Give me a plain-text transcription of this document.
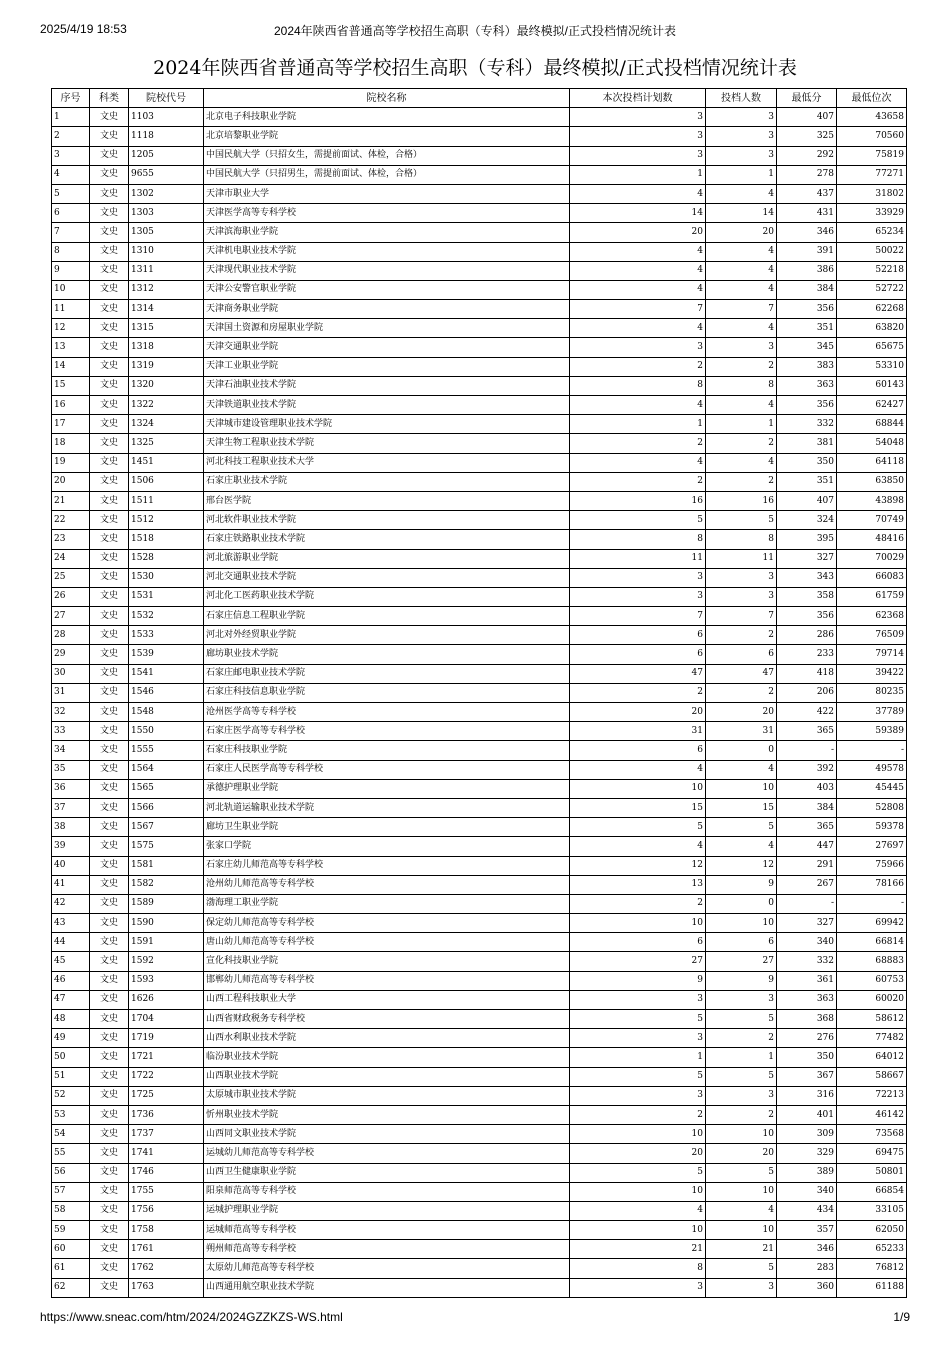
2025/4/19 18:53	2024年陕西省普通高等学校招生高职（专科）最终模拟/正式投档情况统计表
2024年陕西省普通高等学校招生高职（专科）最终模拟/正式投档情况统计表
序号	科类	院校代号	院校名称	本次投档计划数	投档人数	最低分	最低位次
1	文史	1103	北京电子科技职业学院	3	3	407	43658
2	文史	1118	北京培黎职业学院	3	3	325	70560
3	文史	1205	中国民航大学（只招女生，需提前面试、体检，合格）	3	3	292	75819
4	文史	9655	中国民航大学（只招男生，需提前面试、体检，合格）	1	1	278	77271
5	文史	1302	天津市职业大学	4	4	437	31802
6	文史	1303	天津医学高等专科学校	14	14	431	33929
7	文史	1305	天津滨海职业学院	20	20	346	65234
8	文史	1310	天津机电职业技术学院	4	4	391	50022
9	文史	1311	天津现代职业技术学院	4	4	386	52218
10	文史	1312	天津公安警官职业学院	4	4	384	52722
11	文史	1314	天津商务职业学院	7	7	356	62268
12	文史	1315	天津国土资源和房屋职业学院	4	4	351	63820
13	文史	1318	天津交通职业学院	3	3	345	65675
14	文史	1319	天津工业职业学院	2	2	383	53310
15	文史	1320	天津石油职业技术学院	8	8	363	60143
16	文史	1322	天津铁道职业技术学院	4	4	356	62427
17	文史	1324	天津城市建设管理职业技术学院	1	1	332	68844
18	文史	1325	天津生物工程职业技术学院	2	2	381	54048
19	文史	1451	河北科技工程职业技术大学	4	4	350	64118
20	文史	1506	石家庄职业技术学院	2	2	351	63850
21	文史	1511	邢台医学院	16	16	407	43898
22	文史	1512	河北软件职业技术学院	5	5	324	70749
23	文史	1518	石家庄铁路职业技术学院	8	8	395	48416
24	文史	1528	河北旅游职业学院	11	11	327	70029
25	文史	1530	河北交通职业技术学院	3	3	343	66083
26	文史	1531	河北化工医药职业技术学院	3	3	358	61759
27	文史	1532	石家庄信息工程职业学院	7	7	356	62368
28	文史	1533	河北对外经贸职业学院	6	2	286	76509
29	文史	1539	廊坊职业技术学院	6	6	233	79714
30	文史	1541	石家庄邮电职业技术学院	47	47	418	39422
31	文史	1546	石家庄科技信息职业学院	2	2	206	80235
32	文史	1548	沧州医学高等专科学校	20	20	422	37789
33	文史	1550	石家庄医学高等专科学校	31	31	365	59389
34	文史	1555	石家庄科技职业学院	6	0	-	-
35	文史	1564	石家庄人民医学高等专科学校	4	4	392	49578
36	文史	1565	承德护理职业学院	10	10	403	45445
37	文史	1566	河北轨道运输职业技术学院	15	15	384	52808
38	文史	1567	廊坊卫生职业学院	5	5	365	59378
39	文史	1575	张家口学院	4	4	447	27697
40	文史	1581	石家庄幼儿师范高等专科学校	12	12	291	75966
41	文史	1582	沧州幼儿师范高等专科学校	13	9	267	78166
42	文史	1589	渤海理工职业学院	2	0	-	-
43	文史	1590	保定幼儿师范高等专科学校	10	10	327	69942
44	文史	1591	唐山幼儿师范高等专科学校	6	6	340	66814
45	文史	1592	宣化科技职业学院	27	27	332	68883
46	文史	1593	邯郸幼儿师范高等专科学校	9	9	361	60753
47	文史	1626	山西工程科技职业大学	3	3	363	60020
48	文史	1704	山西省财政税务专科学校	5	5	368	58612
49	文史	1719	山西水利职业技术学院	3	2	276	77482
50	文史	1721	临汾职业技术学院	1	1	350	64012
51	文史	1722	山西职业技术学院	5	5	367	58667
52	文史	1725	太原城市职业技术学院	3	3	316	72213
53	文史	1736	忻州职业技术学院	2	2	401	46142
54	文史	1737	山西同文职业技术学院	10	10	309	73568
55	文史	1741	运城幼儿师范高等专科学校	20	20	329	69475
56	文史	1746	山西卫生健康职业学院	5	5	389	50801
57	文史	1755	阳泉师范高等专科学校	10	10	340	66854
58	文史	1756	运城护理职业学院	4	4	434	33105
59	文史	1758	运城师范高等专科学校	10	10	357	62050
60	文史	1761	朔州师范高等专科学校	21	21	346	65233
61	文史	1762	太原幼儿师范高等专科学校	8	5	283	76812
62	文史	1763	山西通用航空职业技术学院	3	3	360	61188
https://www.sneac.com/htm/2024/2024GZZKZS-WS.html	1/9
